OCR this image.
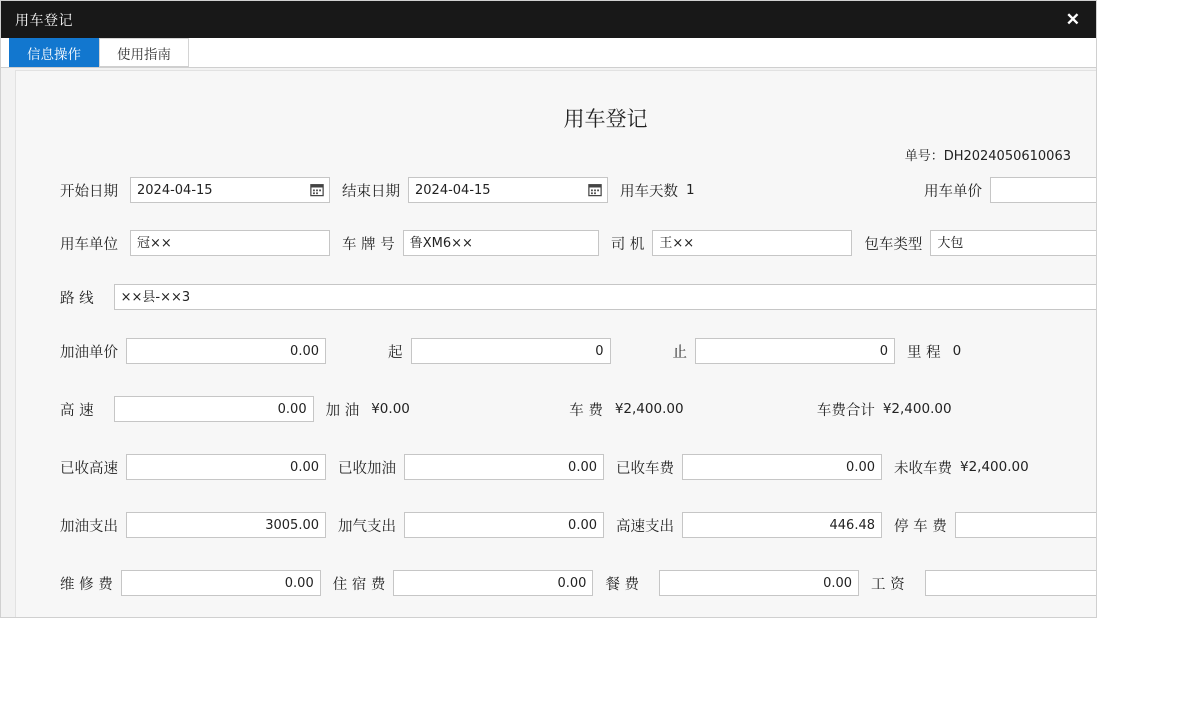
用车登记	✕
信息操作	使用指南
用车登记
单号：DH2024050610063
开始日期	2024-04-15	结束日期	2024-04-15	用车天数 1	用车单价
用车单位	冠××	车 牌 号	鲁XM6××	司 机	王××	包车类型	大包
路 线	××县-××3
加油单价	0.00	起	0	止	0	里 程 0
高 速	0.00	加 油 ¥0.00	车 费 ¥2,400.00	车费合计 ¥2,400.00
已收高速	0.00	已收加油	0.00	已收车费	0.00	未收车费 ¥2,400.00
加油支出	3005.00	加气支出	0.00	高速支出	446.48	停 车 费
维 修 费	0.00	住 宿 费	0.00	餐 费	0.00	工 资
